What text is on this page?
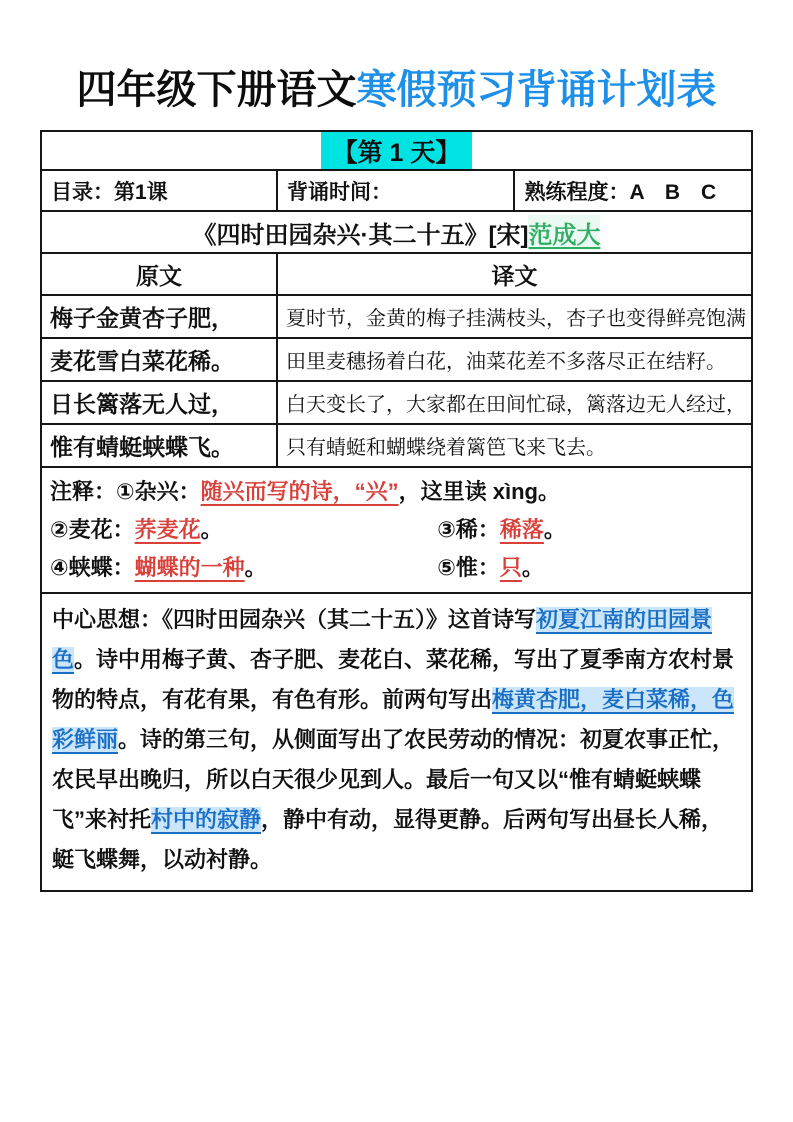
四年级下册语文寒假预习背诵计划表
【第 1 天】
目录：第1课	背诵时间：	熟练程度：A　B　C
《四时田园杂兴·其二十五》[宋] 范成大
原文	译文
梅子金黄杏子肥，	夏时节，金黄的梅子挂满枝头，杏子也变得鲜亮饱满
麦花雪白菜花稀。	田里麦穗扬着白花，油菜花差不多落尽正在结籽。
日长篱落无人过，	白天变长了，大家都在田间忙碌，篱落边无人经过，
惟有蜻蜓蛱蝶飞。	只有蜻蜓和蝴蝶绕着篱笆飞来飞去。
注释：①杂兴：随兴而写的诗，“兴”，这里读 xìng。
②麦花：荞麦花。	③稀：稀落。
④蛱蝶：蝴蝶的一种。	⑤惟：只。
中心思想：《四时田园杂兴（其二十五）》这首诗写初夏江南的田园景色。诗中用梅子黄、杏子肥、麦花白、菜花稀，写出了夏季南方农村景物的特点，有花有果，有色有形。前两句写出梅黄杏肥，麦白菜稀，色彩鲜丽。诗的第三句，从侧面写出了农民劳动的情况：初夏农事正忙，农民早出晚归，所以白天很少见到人。最后一句又以“惟有蜻蜓蛱蝶飞”来衬托村中的寂静，静中有动，显得更静。后两句写出昼长人稀，蜓飞蝶舞，以动衬静。
